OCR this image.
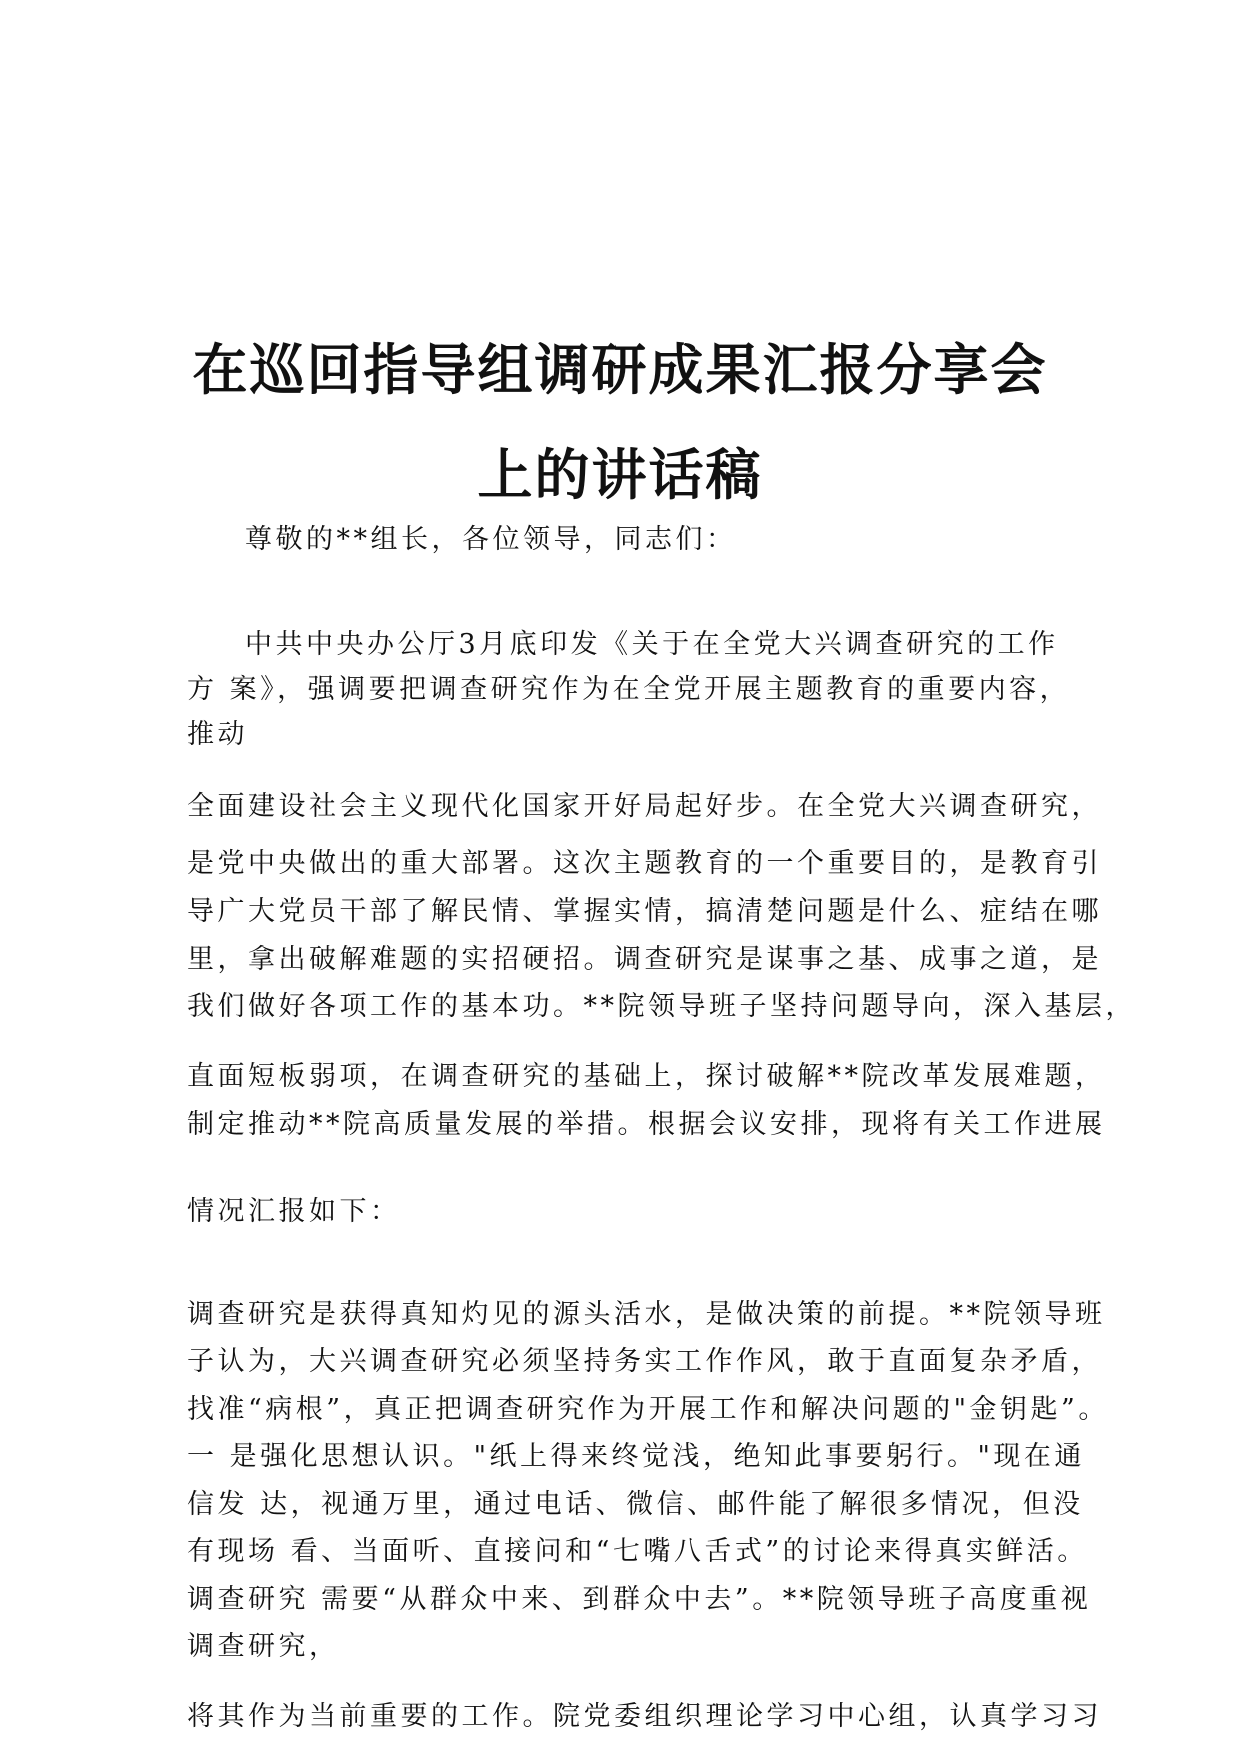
在巡回指导组调研成果汇报分享会
上的讲话稿

尊敬的**组长，各位领导，同志们：

中共中央办公厅3月底印发《关于在全党大兴调查研究的工作

方 案》，强调要把调查研究作为在全党开展主题教育的重要内容，

推动

全面建设社会主义现代化国家开好局起好步。在全党大兴调查研究，

是党中央做出的重大部署。这次主题教育的一个重要目的，是教育引

导广大党员干部了解民情、掌握实情，搞清楚问题是什么、症结在哪

里，拿出破解难题的实招硬招。调查研究是谋事之基、成事之道，是

我们做好各项工作的基本功。**院领导班子坚持问题导向，深入基层，

直面短板弱项，在调查研究的基础上，探讨破解**院改革发展难题，

制定推动**院高质量发展的举措。根据会议安排，现将有关工作进展

情况汇报如下：

调查研究是获得真知灼见的源头活水，是做决策的前提。**院领导班

子认为，大兴调查研究必须坚持务实工作作风，敢于直面复杂矛盾，

找准“病根”，真正把调查研究作为开展工作和解决问题的"金钥匙”。

一 是强化思想认识。"纸上得来终觉浅，绝知此事要躬行。"现在通

信发 达，视通万里，通过电话、微信、邮件能了解很多情况，但没

有现场 看、当面听、直接问和“七嘴八舌式”的讨论来得真实鲜活。

调查研究 需要“从群众中来、到群众中去”。**院领导班子高度重视

调查研究，

将其作为当前重要的工作。院党委组织理论学习中心组，认真学习习
